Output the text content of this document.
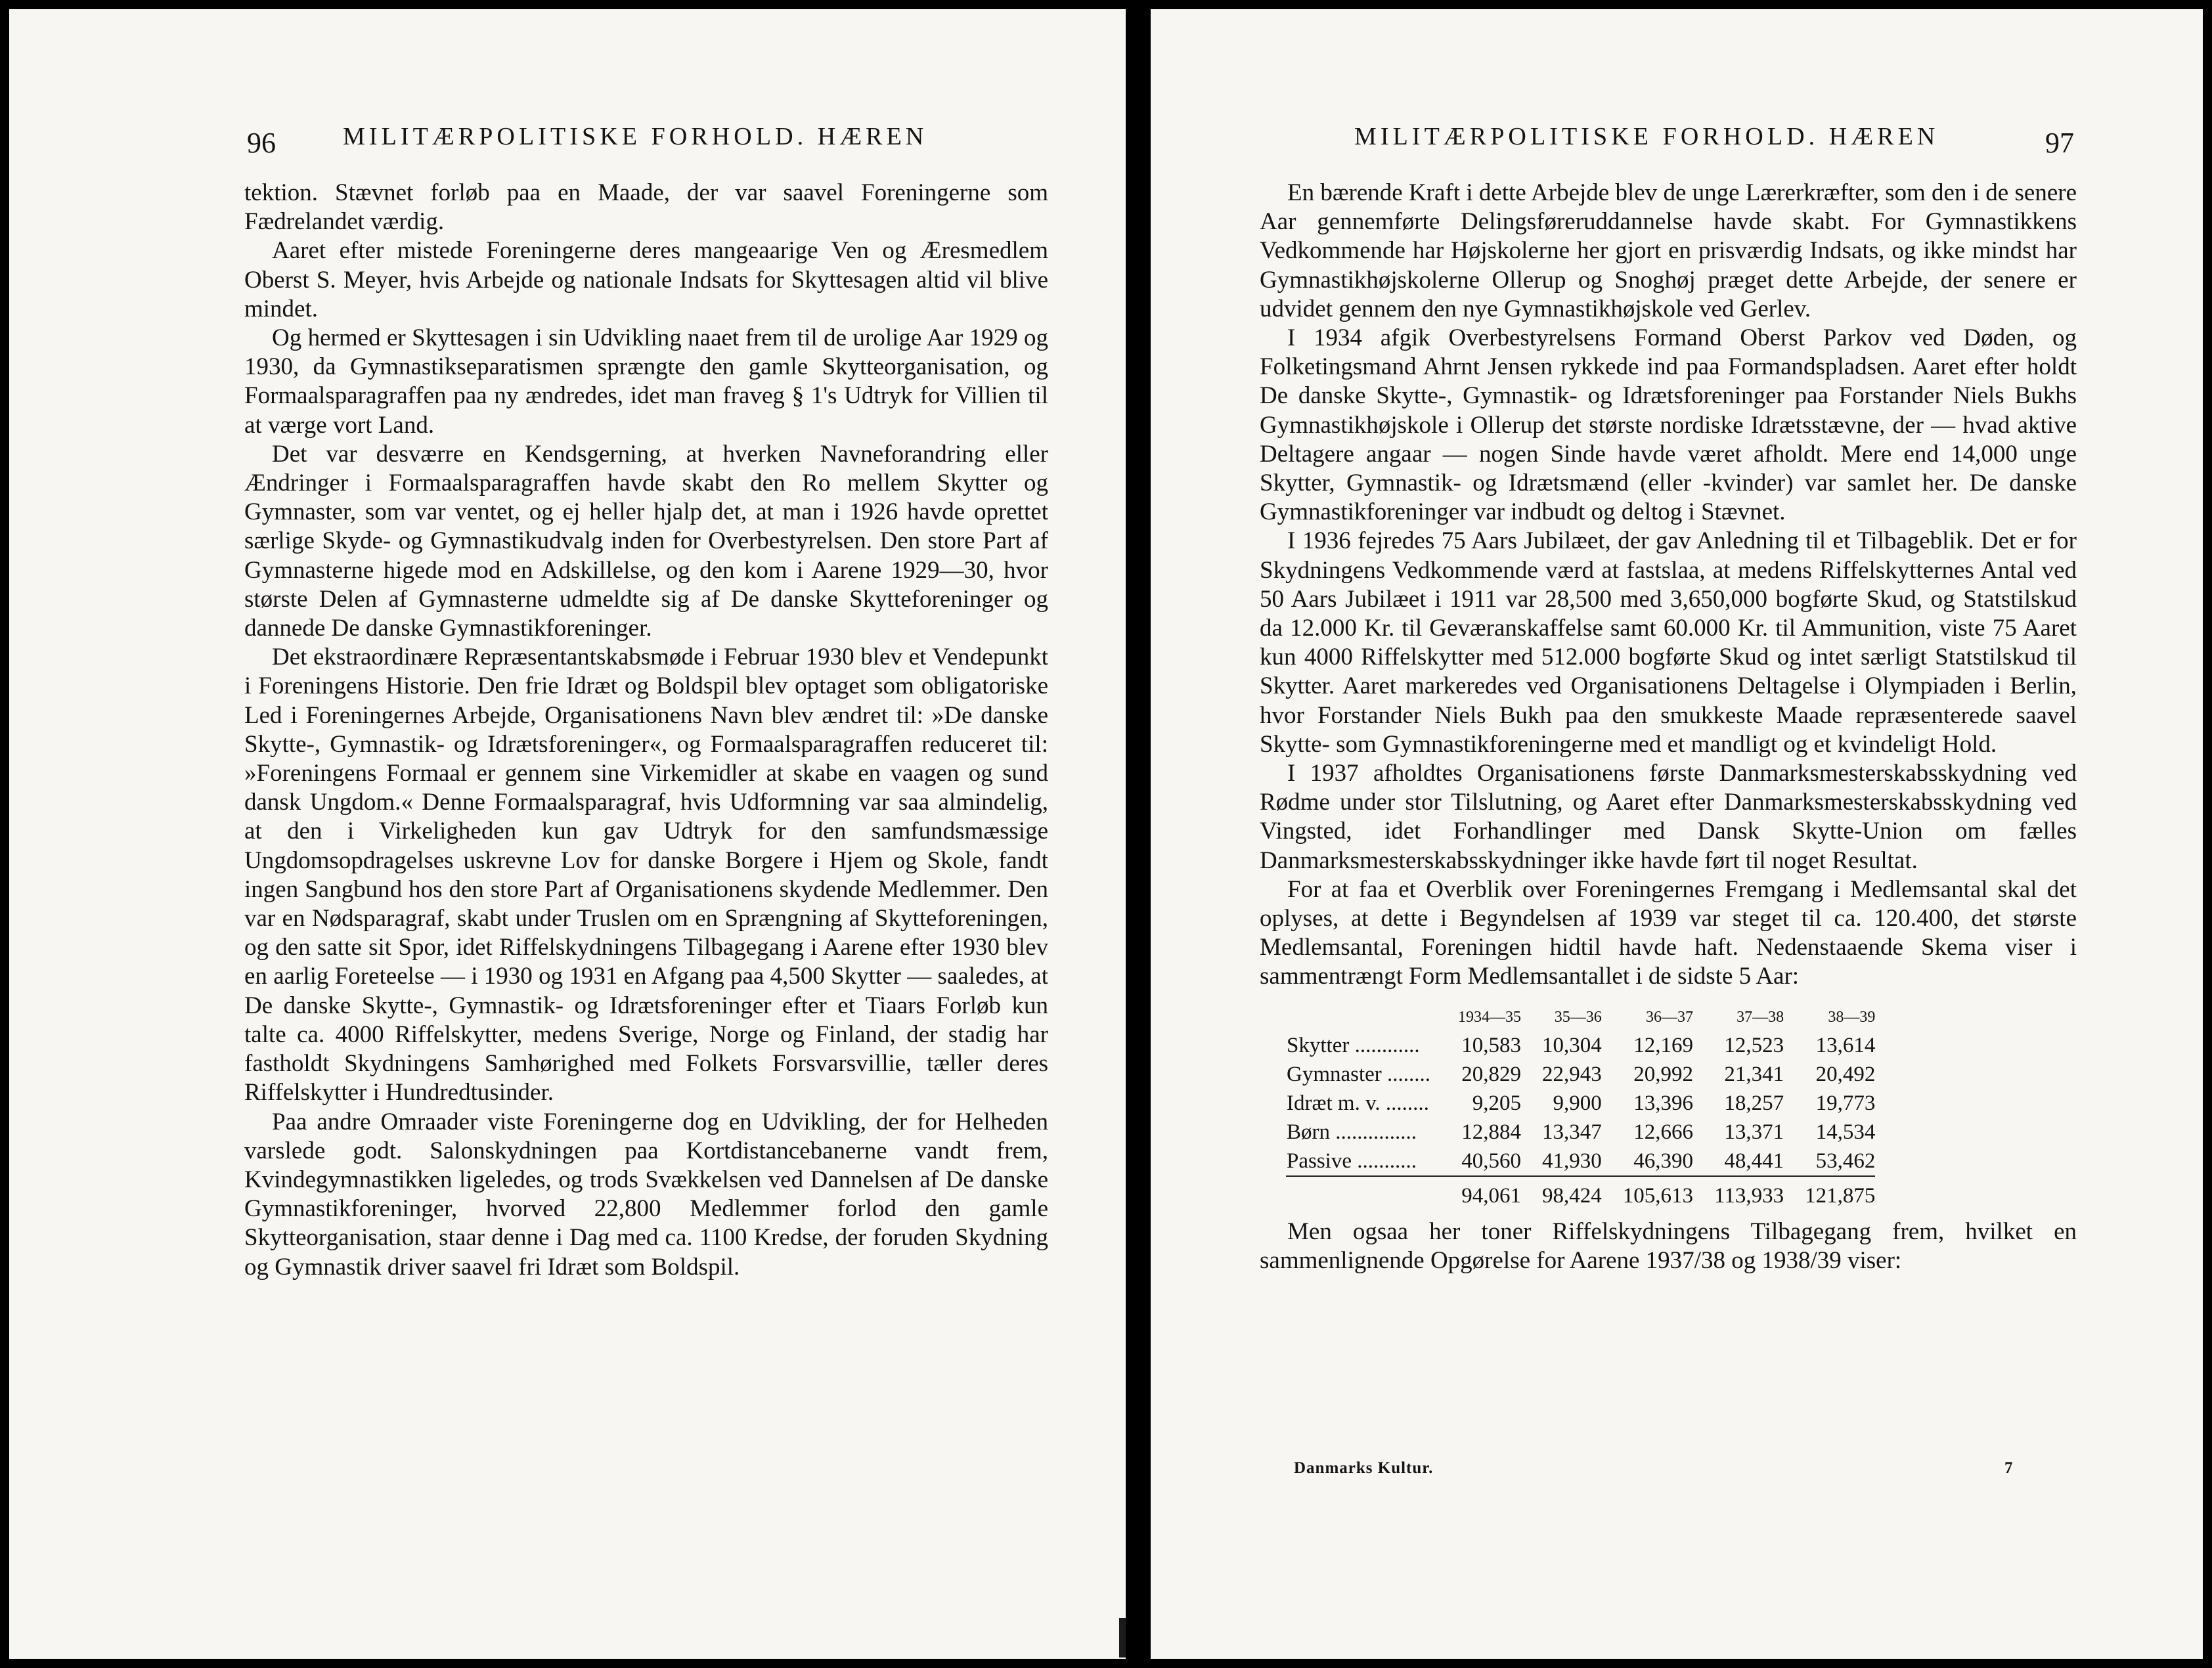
96	MILITÆRPOLITISKE FORHOLD. HÆREN

tektion. Stævnet forløb paa en Maade, der var saavel Foreningerne som Fædrelandet værdig.

Aaret efter mistede Foreningerne deres mangeaarige Ven og Æresmedlem Oberst S. Meyer, hvis Arbejde og nationale Indsats for Skyttesagen altid vil blive mindet.

Og hermed er Skyttesagen i sin Udvikling naaet frem til de urolige Aar 1929 og 1930, da Gymnastikseparatismen sprængte den gamle Skytteorganisation, og Formaalsparagraffen paa ny ændredes, idet man fraveg § 1's Udtryk for Villien til at værge vort Land.

Det var desværre en Kendsgerning, at hverken Navneforandring eller Ændringer i Formaalsparagraffen havde skabt den Ro mellem Skytter og Gymnaster, som var ventet, og ej heller hjalp det, at man i 1926 havde oprettet særlige Skyde- og Gymnastikudvalg inden for Overbestyrelsen. Den store Part af Gymnasterne higede mod en Adskillelse, og den kom i Aarene 1929—30, hvor største Delen af Gymnasterne udmeldte sig af De danske Skytteforeninger og dannede De danske Gymnastikforeninger.

Det ekstraordinære Repræsentantskabsmøde i Februar 1930 blev et Vendepunkt i Foreningens Historie. Den frie Idræt og Boldspil blev optaget som obligatoriske Led i Foreningernes Arbejde, Organisationens Navn blev ændret til: »De danske Skytte-, Gymnastik- og Idrætsforeninger«, og Formaalsparagraffen reduceret til: »Foreningens Formaal er gennem sine Virkemidler at skabe en vaagen og sund dansk Ungdom.« Denne Formaalsparagraf, hvis Udformning var saa almindelig, at den i Virkeligheden kun gav Udtryk for den samfundsmæssige Ungdomsopdragelses uskrevne Lov for danske Borgere i Hjem og Skole, fandt ingen Sangbund hos den store Part af Organisationens skydende Medlemmer. Den var en Nødsparagraf, skabt under Truslen om en Sprængning af Skytteforeningen, og den satte sit Spor, idet Riffelskydningens Tilbagegang i Aarene efter 1930 blev en aarlig Foreteelse — i 1930 og 1931 en Afgang paa 4,500 Skytter — saaledes, at De danske Skytte-, Gymnastik- og Idrætsforeninger efter et Tiaars Forløb kun talte ca. 4000 Riffelskytter, medens Sverige, Norge og Finland, der stadig har fastholdt Skydningens Samhørighed med Folkets Forsvarsvillie, tæller deres Riffelskytter i Hundredtusinder.

Paa andre Omraader viste Foreningerne dog en Udvikling, der for Helheden varslede godt. Salonskydningen paa Kortdistancebanerne vandt frem, Kvindegymnastikken ligeledes, og trods Svækkelsen ved Dannelsen af De danske Gymnastikforeninger, hvorved 22,800 Medlemmer forlod den gamle Skytteorganisation, staar denne i Dag med ca. 1100 Kredse, der foruden Skydning og Gymnastik driver saavel fri Idræt som Boldspil.

MILITÆRPOLITISKE FORHOLD. HÆREN	97

En bærende Kraft i dette Arbejde blev de unge Lærerkræfter, som den i de senere Aar gennemførte Delingsføreruddannelse havde skabt. For Gymnastikkens Vedkommende har Højskolerne her gjort en prisværdig Indsats, og ikke mindst har Gymnastikhøjskolerne Ollerup og Snoghøj præget dette Arbejde, der senere er udvidet gennem den nye Gymnastikhøjskole ved Gerlev.

I 1934 afgik Overbestyrelsens Formand Oberst Parkov ved Døden, og Folketingsmand Ahrnt Jensen rykkede ind paa Formandspladsen. Aaret efter holdt De danske Skytte-, Gymnastik- og Idrætsforeninger paa Forstander Niels Bukhs Gymnastikhøjskole i Ollerup det største nordiske Idrætsstævne, der — hvad aktive Deltagere angaar — nogen Sinde havde været afholdt. Mere end 14,000 unge Skytter, Gymnastik- og Idrætsmænd (eller -kvinder) var samlet her. De danske Gymnastikforeninger var indbudt og deltog i Stævnet.

I 1936 fejredes 75 Aars Jubilæet, der gav Anledning til et Tilbageblik. Det er for Skydningens Vedkommende værd at fastslaa, at medens Riffelskytternes Antal ved 50 Aars Jubilæet i 1911 var 28,500 med 3,650,000 bogførte Skud, og Statstilskud da 12.000 Kr. til Geværanskaffelse samt 60.000 Kr. til Ammunition, viste 75 Aaret kun 4000 Riffelskytter med 512.000 bogførte Skud og intet særligt Statstilskud til Skytter. Aaret markeredes ved Organisationens Deltagelse i Olympiaden i Berlin, hvor Forstander Niels Bukh paa den smukkeste Maade repræsenterede saavel Skytte- som Gymnastikforeningerne med et mandligt og et kvindeligt Hold.

I 1937 afholdtes Organisationens første Danmarksmesterskabsskydning ved Rødme under stor Tilslutning, og Aaret efter Danmarksmesterskabsskydning ved Vingsted, idet Forhandlinger med Dansk Skytte-Union om fælles Danmarksmesterskabsskydninger ikke havde ført til noget Resultat.

For at faa et Overblik over Foreningernes Fremgang i Medlemsantal skal det oplyses, at dette i Begyndelsen af 1939 var steget til ca. 120.400, det største Medlemsantal, Foreningen hidtil havde haft. Nedenstaaende Skema viser i sammentrængt Form Medlemsantallet i de sidste 5 Aar:

	1934—35	35—36	36—37	37—38	38—39
Skytter ............	10,583	10,304	12,169	12,523	13,614
Gymnaster ........	20,829	22,943	20,992	21,341	20,492
Idræt m. v. ........	9,205	9,900	13,396	18,257	19,773
Børn ...............	12,884	13,347	12,666	13,371	14,534
Passive ...........	40,560	41,930	46,390	48,441	53,462
	94,061	98,424	105,613	113,933	121,875

Men ogsaa her toner Riffelskydningens Tilbagegang frem, hvilket en sammenlignende Opgørelse for Aarene 1937/38 og 1938/39 viser:

Danmarks Kultur.	7
